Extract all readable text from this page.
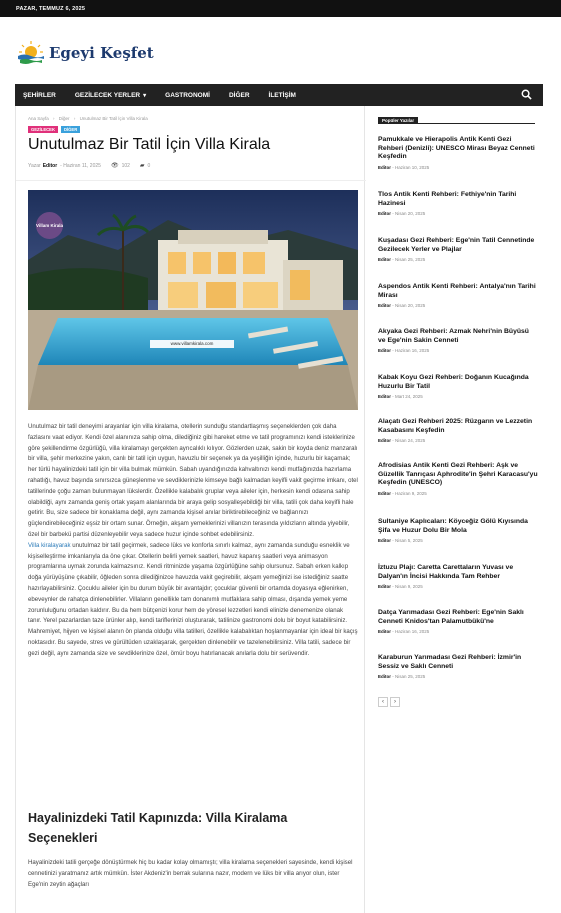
PAZAR, TEMMUZ 6, 2025
Egeyi Keşfet
ŞEHİRLER	GEZİLECEK YERLER ▾	GASTRONOMİ	DİĞER	İLETİŞİM
Ana Sayfa › Diğer › Unutulmaz Bir Tatil İçin Villa Kirala
GEZİLECEK	DİĞER
Unutulmaz Bir Tatil İçin Villa Kirala
Yazar Editor - Haziran 11, 2025 👁 102 ▰ 0
Villam Kirala
www.villamkirala.com

Unutulmaz bir tatil deneyimi arayanlar için villa kiralama, otellerin sunduğu standartlaşmış seçeneklerden çok daha fazlasını vaat ediyor. Kendi özel alanınıza sahip olma, dilediğiniz gibi hareket etme ve tatil programınızı kendi isteklerinize göre şekillendirme özgürlüğü, villa kiralamayı gerçekten ayrıcalıklı kılıyor. Gözlerden uzak, sakin bir koyda deniz manzaralı bir villa, şehir merkezine yakın, canlı bir tatil için uygun, havuzlu bir seçenek ya da yeşilliğin içinde, huzurlu bir kaçamak; her türlü hayalinizdeki tatil için bir villa bulmak mümkün. Sabah uyandığınızda kahvaltınızı kendi mutfağınızda hazırlama rahatlığı, havuz başında sınırsızca güneşlenme ve sevdiklerinizle kimseye bağlı kalmadan keyifli vakit geçirme imkanı, otel tatillerinde çoğu zaman bulunmayan lükslerdir. Özellikle kalabalık gruplar veya aileler için, herkesin kendi odasına sahip olabildiği, aynı zamanda geniş ortak yaşam alanlarında bir araya gelip sosyalleşebildiği bir villa, tatili çok daha keyifli hale getirir. Bu, size sadece bir konaklama değil, aynı zamanda kişisel anılar biriktirebileceğiniz ve bağlarınızı güçlendirebileceğiniz eşsiz bir ortam sunar. Örneğin, akşam yemeklerinizi villanızın terasında yıldızların altında yiyebilir, özel bir barbekü partisi düzenleyebilir veya sadece huzur içinde sohbet edebilirsiniz.

Villa kiralayarak unutulmaz bir tatil geçirmek, sadece lüks ve konforla sınırlı kalmaz, aynı zamanda sunduğu esneklik ve kişiselleştirme imkanlarıyla da öne çıkar. Otellerin belirli yemek saatleri, havuz kapanış saatleri veya animasyon programlarına uymak zorunda kalmazsınız. Kendi ritminizde yaşama özgürlüğüne sahip olursunuz. Sabah erken kalkıp doğa yürüyüşüne çıkabilir, öğleden sonra dilediğinizce havuzda vakit geçirebilir, akşam yemeğinizi ise istediğiniz saatte hazırlayabilirsiniz. Çocuklu aileler için bu durum büyük bir avantajdır; çocuklar güvenli bir ortamda doyasıya eğlenirken, ebeveynler de rahatça dinlenebilirler. Villaların genellikle tam donanımlı mutfaklara sahip olması, dışarıda yemek yeme zorunluluğunu ortadan kaldırır. Bu da hem bütçenizi korur hem de yöresel lezzetleri kendi elinizle denemenize olanak tanır. Yerel pazarlardan taze ürünler alıp, kendi tariflerinizi oluşturarak, tatilinize gastronomi dolu bir boyut katabilirsiniz. Mahremiyet, hijyen ve kişisel alanın ön planda olduğu villa tatilleri, özellikle kalabalıktan hoşlanmayanlar için ideal bir kaçış noktasıdır. Bu sayede, stres ve gürültüden uzaklaşarak, gerçekten dinlenebilir ve tazelenebilirsiniz. Villa tatili, sadece bir gezi değil, aynı zamanda size ve sevdiklerinize özel, ömür boyu hatırlanacak anılarla dolu bir serüvendir.

Hayalinizdeki Tatil Kapınızda: Villa Kiralama Seçenekleri

Hayalinizdeki tatili gerçeğe dönüştürmek hiç bu kadar kolay olmamıştı; villa kiralama seçenekleri sayesinde, kendi kişisel cennetinizi yaratmanız artık mümkün. İster Akdeniz'in berrak sularına nazır, modern ve lüks bir villa arıyor olun, ister Ege'nin zeytin ağaçları

Popüler Yazılar
Pamukkale ve Hierapolis Antik Kenti Gezi Rehberi (Denizli): UNESCO Mirası Beyaz Cenneti Keşfedin
Editor - Haziran 10, 2025
Tlos Antik Kenti Rehberi: Fethiye'nin Tarihi Hazinesi
Editor - Nisan 20, 2025
Kuşadası Gezi Rehberi: Ege'nin Tatil Cennetinde Gezilecek Yerler ve Plajlar
Editor - Nisan 25, 2025
Aspendos Antik Kenti Rehberi: Antalya'nın Tarihi Mirası
Editor - Nisan 20, 2025
Akyaka Gezi Rehberi: Azmak Nehri'nin Büyüsü ve Ege'nin Sakin Cenneti
Editor - Haziran 16, 2025
Kabak Koyu Gezi Rehberi: Doğanın Kucağında Huzurlu Bir Tatil
Editor - Mart 24, 2025
Alaçatı Gezi Rehberi 2025: Rüzgarın ve Lezzetin Kasabasını Keşfedin
Editor - Nisan 24, 2025
Afrodisias Antik Kenti Gezi Rehberi: Aşk ve Güzellik Tanrıçası Aphrodite'in Şehri Karacasu'yu Keşfedin (UNESCO)
Editor - Haziran 9, 2025
Sultaniye Kaplıcaları: Köyceğiz Gölü Kıyısında Şifa ve Huzur Dolu Bir Mola
Editor - Nisan 5, 2025
İztuzu Plajı: Caretta Carettaların Yuvası ve Dalyan'ın İncisi Hakkında Tam Rehber
Editor - Nisan 9, 2025
Datça Yarımadası Gezi Rehberi: Ege'nin Saklı Cenneti Knidos'tan Palamutbükü'ne
Editor - Haziran 16, 2025
Karaburun Yarımadası Gezi Rehberi: İzmir'in Sessiz ve Saklı Cenneti
Editor - Nisan 25, 2025
‹	›
